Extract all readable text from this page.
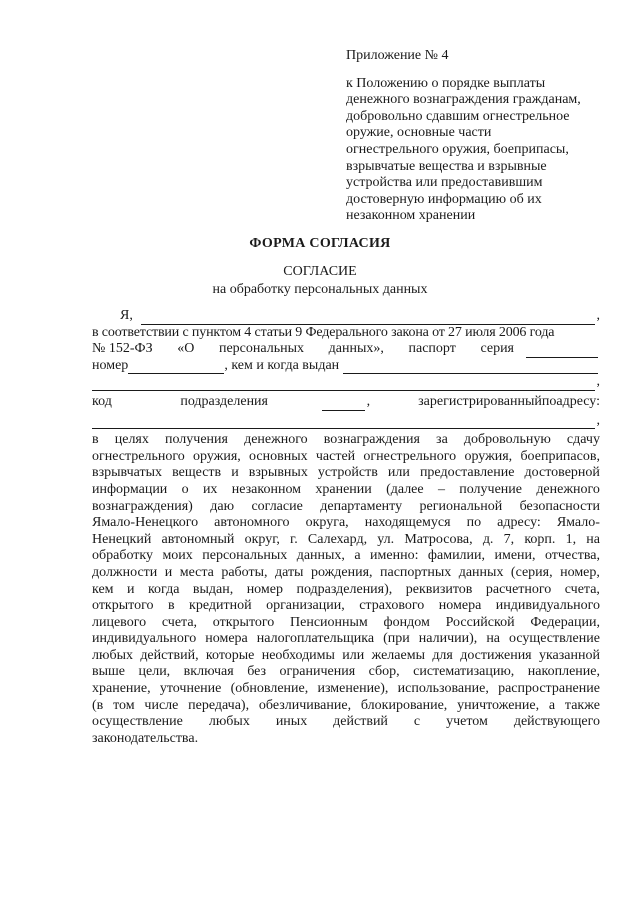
Приложение № 4
к Положению о порядке выплаты
денежного вознаграждения гражданам,
добровольно сдавшим огнестрельное
оружие, основные части
огнестрельного оружия, боеприпасы,
взрывчатые вещества и взрывные
устройства или предоставившим
достоверную информацию об их
незаконном хранении
ФОРМА СОГЛАСИЯ
СОГЛАСИЕ
на обработку персональных данных
Я,	,
в соответствии с пунктом 4 статьи 9 Федерального закона от 27 июля 2006 года
№ 152-ФЗ «О персональных данных», паспорт серия
номер	, кем и когда выдан
,
код	подразделения	,	зарегистрированный по адресу:
,
в целях получения денежного вознаграждения за добровольную сдачу
огнестрельного оружия, основных частей огнестрельного оружия, боеприпасов,
взрывчатых веществ и взрывных устройств или предоставление достоверной
информации о их незаконном хранении (далее – получение денежного
вознаграждения) даю согласие департаменту региональной безопасности
Ямало-Ненецкого автономного округа, находящемуся по адресу: Ямало-
Ненецкий автономный округ, г. Салехард, ул. Матросова, д. 7, корп. 1, на
обработку моих персональных данных, а именно: фамилии, имени, отчества,
должности и места работы, даты рождения, паспортных данных (серия, номер,
кем и когда выдан, номер подразделения), реквизитов расчетного счета,
открытого в кредитной организации, страхового номера индивидуального
лицевого счета, открытого Пенсионным фондом Российской Федерации,
индивидуального номера налогоплательщика (при наличии), на осуществление
любых действий, которые необходимы или желаемы для достижения указанной
выше цели, включая без ограничения сбор, систематизацию, накопление,
хранение, уточнение (обновление, изменение), использование, распространение
(в том числе передача), обезличивание, блокирование, уничтожение, а также
осуществление любых иных действий с учетом действующего
законодательства.
